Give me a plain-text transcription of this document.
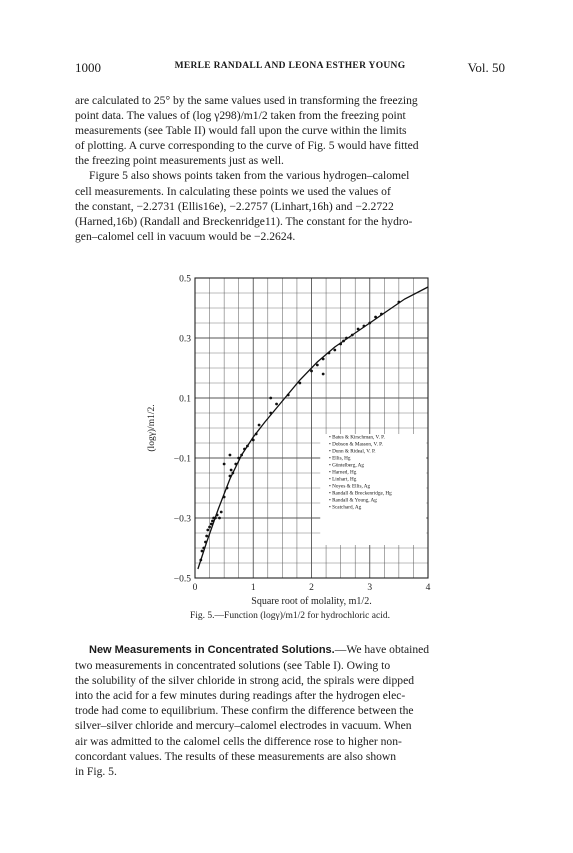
1000	MERLE RANDALL AND LEONA ESTHER YOUNG	Vol. 50

are calculated to 25° by the same values used in transforming the freezing

point data. The values of (log γ298)/m1/2 taken from the freezing point

measurements (see Table II) would fall upon the curve within the limits

of plotting. A curve corresponding to the curve of Fig. 5 would have fitted

the freezing point measurements just as well.

Figure 5 also shows points taken from the various hydrogen–calomel

cell measurements. In calculating these points we used the values of

the constant, −2.2731 (Ellis16e), −2.2757 (Linhart,16h) and −2.2722

(Harned,16b) (Randall and Breckenridge11). The constant for the hydro-

gen–calomel cell in vacuum would be −2.2624.

0.5
0.3
0.1
−0.1
−0.3
−0.5
0	1	2	3	4
Square root of molality, m1/2.
(logγ)/m1/2.
Fig. 5.—Function (logγ)/m1/2 for hydrochloric acid.
• Bates & Kirschman, V. P.
• Dobson & Masson, V. P.
• Dunn & Rideal, V. P.
• Ellis, Hg
• Güntelberg, Ag
• Harned, Hg
• Linhart, Hg
• Noyes & Ellis, Ag
• Randall & Breckenridge, Hg
• Randall & Young, Ag
• Scatchard, Ag

New Measurements in Concentrated Solutions.—We have obtained

two measurements in concentrated solutions (see Table I). Owing to

the solubility of the silver chloride in strong acid, the spirals were dipped

into the acid for a few minutes during readings after the hydrogen elec-

trode had come to equilibrium. These confirm the difference between the

silver–silver chloride and mercury–calomel electrodes in vacuum. When

air was admitted to the calomel cells the difference rose to higher non-

concordant values. The results of these measurements are also shown

in Fig. 5.
